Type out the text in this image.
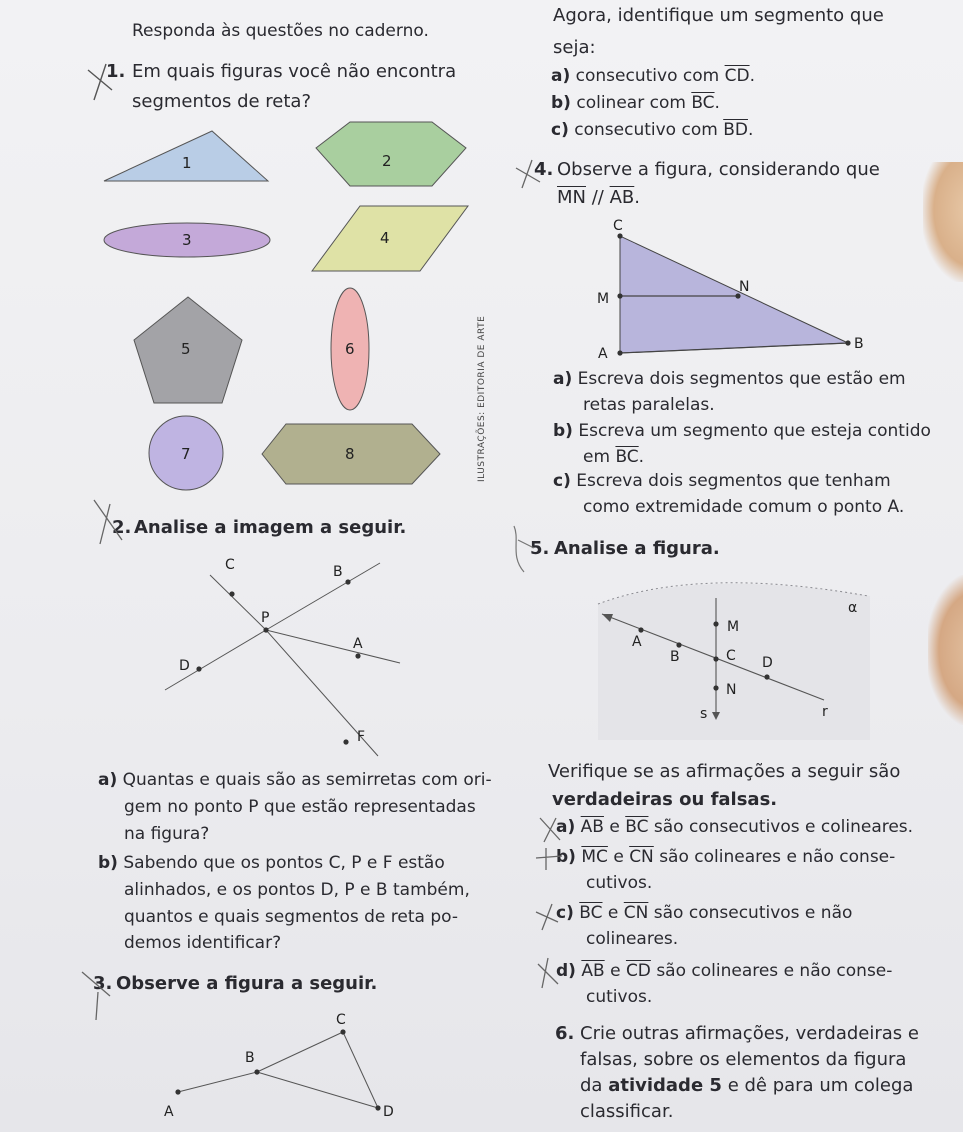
Responda às questões no caderno.
1. Em quais figuras você não encontra
segmentos de reta?
Agora, identifique um segmento que
seja:
a) consecutivo com $\overline{CD}$.
b) colinear com $\overline{BC}$.
c) consecutivo com $\overline{BD}$.
4. Observe a figura, considerando que
$\overline{MN} // \overline{AB}$.
a) Escreva dois segmentos que estão em
retas paralelas.
b) Escreva um segmento que esteja contido
em $\overline{BC}$.
c) Escreva dois segmentos que tenham
como extremidade comum o ponto A.
ILUSTRAÇÕES: EDITORIA DE ARTE
2. Analise a imagem a seguir.
a) Quantas e quais são as semirretas com ori-
gem no ponto P que estão representadas
na figura?
b) Sabendo que os pontos C, P e F estão
alinhados, e os pontos D, P e B também,
quantos e quais segmentos de reta po-
demos identificar?
3. Observe a figura a seguir.
5. Analise a figura.
Verifique se as afirmações a seguir são
verdadeiras ou falsas.
a) $\overline{AB}$ e $\overline{BC}$ são consecutivos e colineares.
b) $\overline{MC}$ e $\overline{CN}$ são colineares e não conse-
cutivos.
c) $\overline{BC}$ e $\overline{CN}$ são consecutivos e não
colineares.
d) $\overline{AB}$ e $\overline{CD}$ são colineares e não conse-
cutivos.
6. Crie outras afirmações, verdadeiras e
falsas, sobre os elementos da figura
da atividade 5 e dê para um colega
classificar.
1	2
3	4
5	6
7	8
C
N
M
A
B
C	B
P
A
D
F
C
B
A	D
α
M
A
B	C D
N
s	r
